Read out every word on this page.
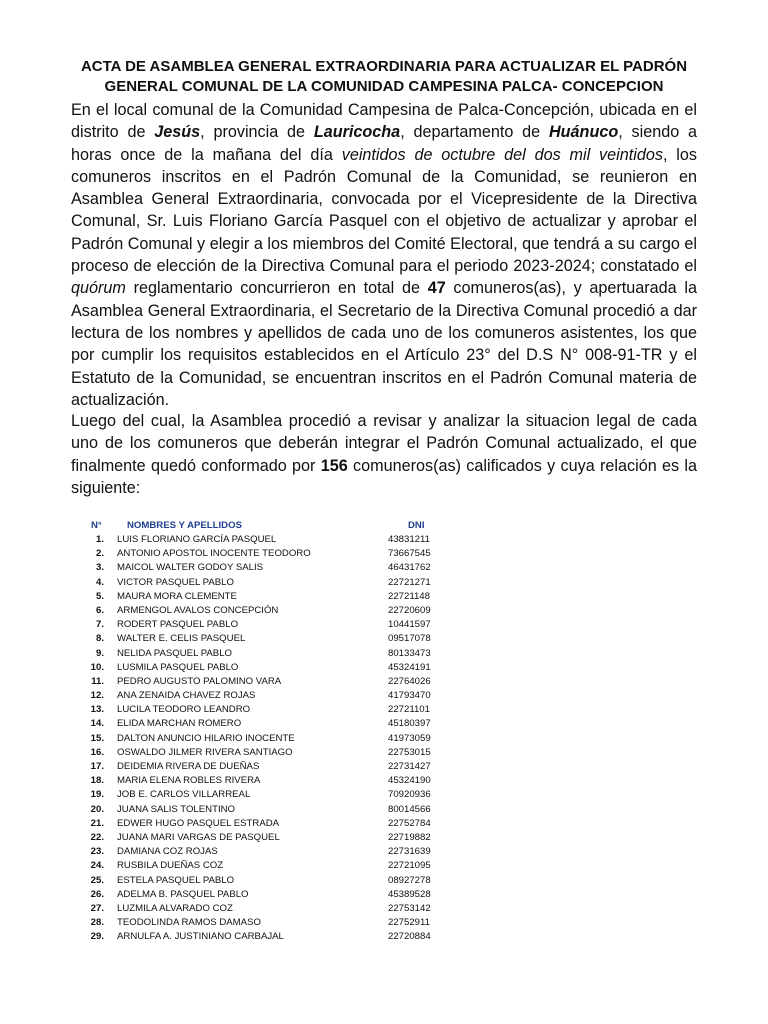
ACTA DE ASAMBLEA GENERAL EXTRAORDINARIA PARA ACTUALIZAR EL PADRÓN
GENERAL COMUNAL DE LA COMUNIDAD CAMPESINA PALCA- CONCEPCION

En el local comunal de la Comunidad Campesina de Palca-Concepción, ubicada en el distrito de Jesús, provincia de Lauricocha, departamento de Huánuco, siendo a horas once de la mañana del día veintidos de octubre del dos mil veintidos, los comuneros inscritos en el Padrón Comunal de la Comunidad, se reunieron en Asamblea General Extraordinaria, convocada por el Vicepresidente de la Directiva Comunal, Sr. Luis Floriano García Pasquel con el objetivo de actualizar y aprobar el Padrón Comunal y elegir a los miembros del Comité Electoral, que tendrá a su cargo el proceso de elección de la Directiva Comunal para el periodo 2023-2024; constatado el quórum reglamentario concurrieron en total de 47 comuneros(as), y apertuarada la Asamblea General Extraordinaria, el Secretario de la Directiva Comunal procedió a dar lectura de los nombres y apellidos de cada uno de los comuneros asistentes, los que por cumplir los requisitos establecidos en el Artículo 23° del D.S N° 008-91-TR y el Estatuto de la Comunidad, se encuentran inscritos en el Padrón Comunal materia de actualización.

Luego del cual, la Asamblea procedió a revisar y analizar la situacion legal de cada uno de los comuneros que deberán integrar el Padrón Comunal actualizado, el que finalmente quedó conformado por 156 comuneros(as) calificados y cuya relación es la siguiente:

N°	NOMBRES Y APELLIDOS	DNI
1. LUIS FLORIANO GARCÍA PASQUEL	43831211
2. ANTONIO APOSTOL INOCENTE TEODORO	73667545
3. MAICOL WALTER GODOY SALIS	46431762
4. VICTOR PASQUEL PABLO	22721271
5. MAURA MORA CLEMENTE	22721148
6. ARMENGOL AVALOS CONCEPCIÓN	22720609
7. RODERT PASQUEL PABLO	10441597
8. WALTER E. CELIS PASQUEL	09517078
9. NELIDA PASQUEL PABLO	80133473
10. LUSMILA PASQUEL PABLO	45324191
11. PEDRO AUGUSTO PALOMINO VARA	22764026
12. ANA ZENAIDA CHAVEZ ROJAS	41793470
13. LUCILA TEODORO LEANDRO	22721101
14. ELIDA MARCHAN ROMERO	45180397
15. DALTON ANUNCIO HILARIO INOCENTE	41973059
16. OSWALDO JILMER RIVERA SANTIAGO	22753015
17. DEIDEMIA RIVERA DE DUEÑAS	22731427
18. MARIA ELENA ROBLES RIVERA	45324190
19. JOB E. CARLOS VILLARREAL	70920936
20. JUANA SALIS TOLENTINO	80014566
21. EDWER HUGO PASQUEL ESTRADA	22752784
22. JUANA MARI VARGAS DE PASQUEL	22719882
23. DAMIANA COZ ROJAS	22731639
24. RUSBILA DUEÑAS COZ	22721095
25. ESTELA PASQUEL PABLO	08927278
26. ADELMA B. PASQUEL PABLO	45389528
27. LUZMILA ALVARADO COZ	22753142
28. TEODOLINDA RAMOS DAMASO	22752911
29. ARNULFA A. JUSTINIANO CARBAJAL	22720884
